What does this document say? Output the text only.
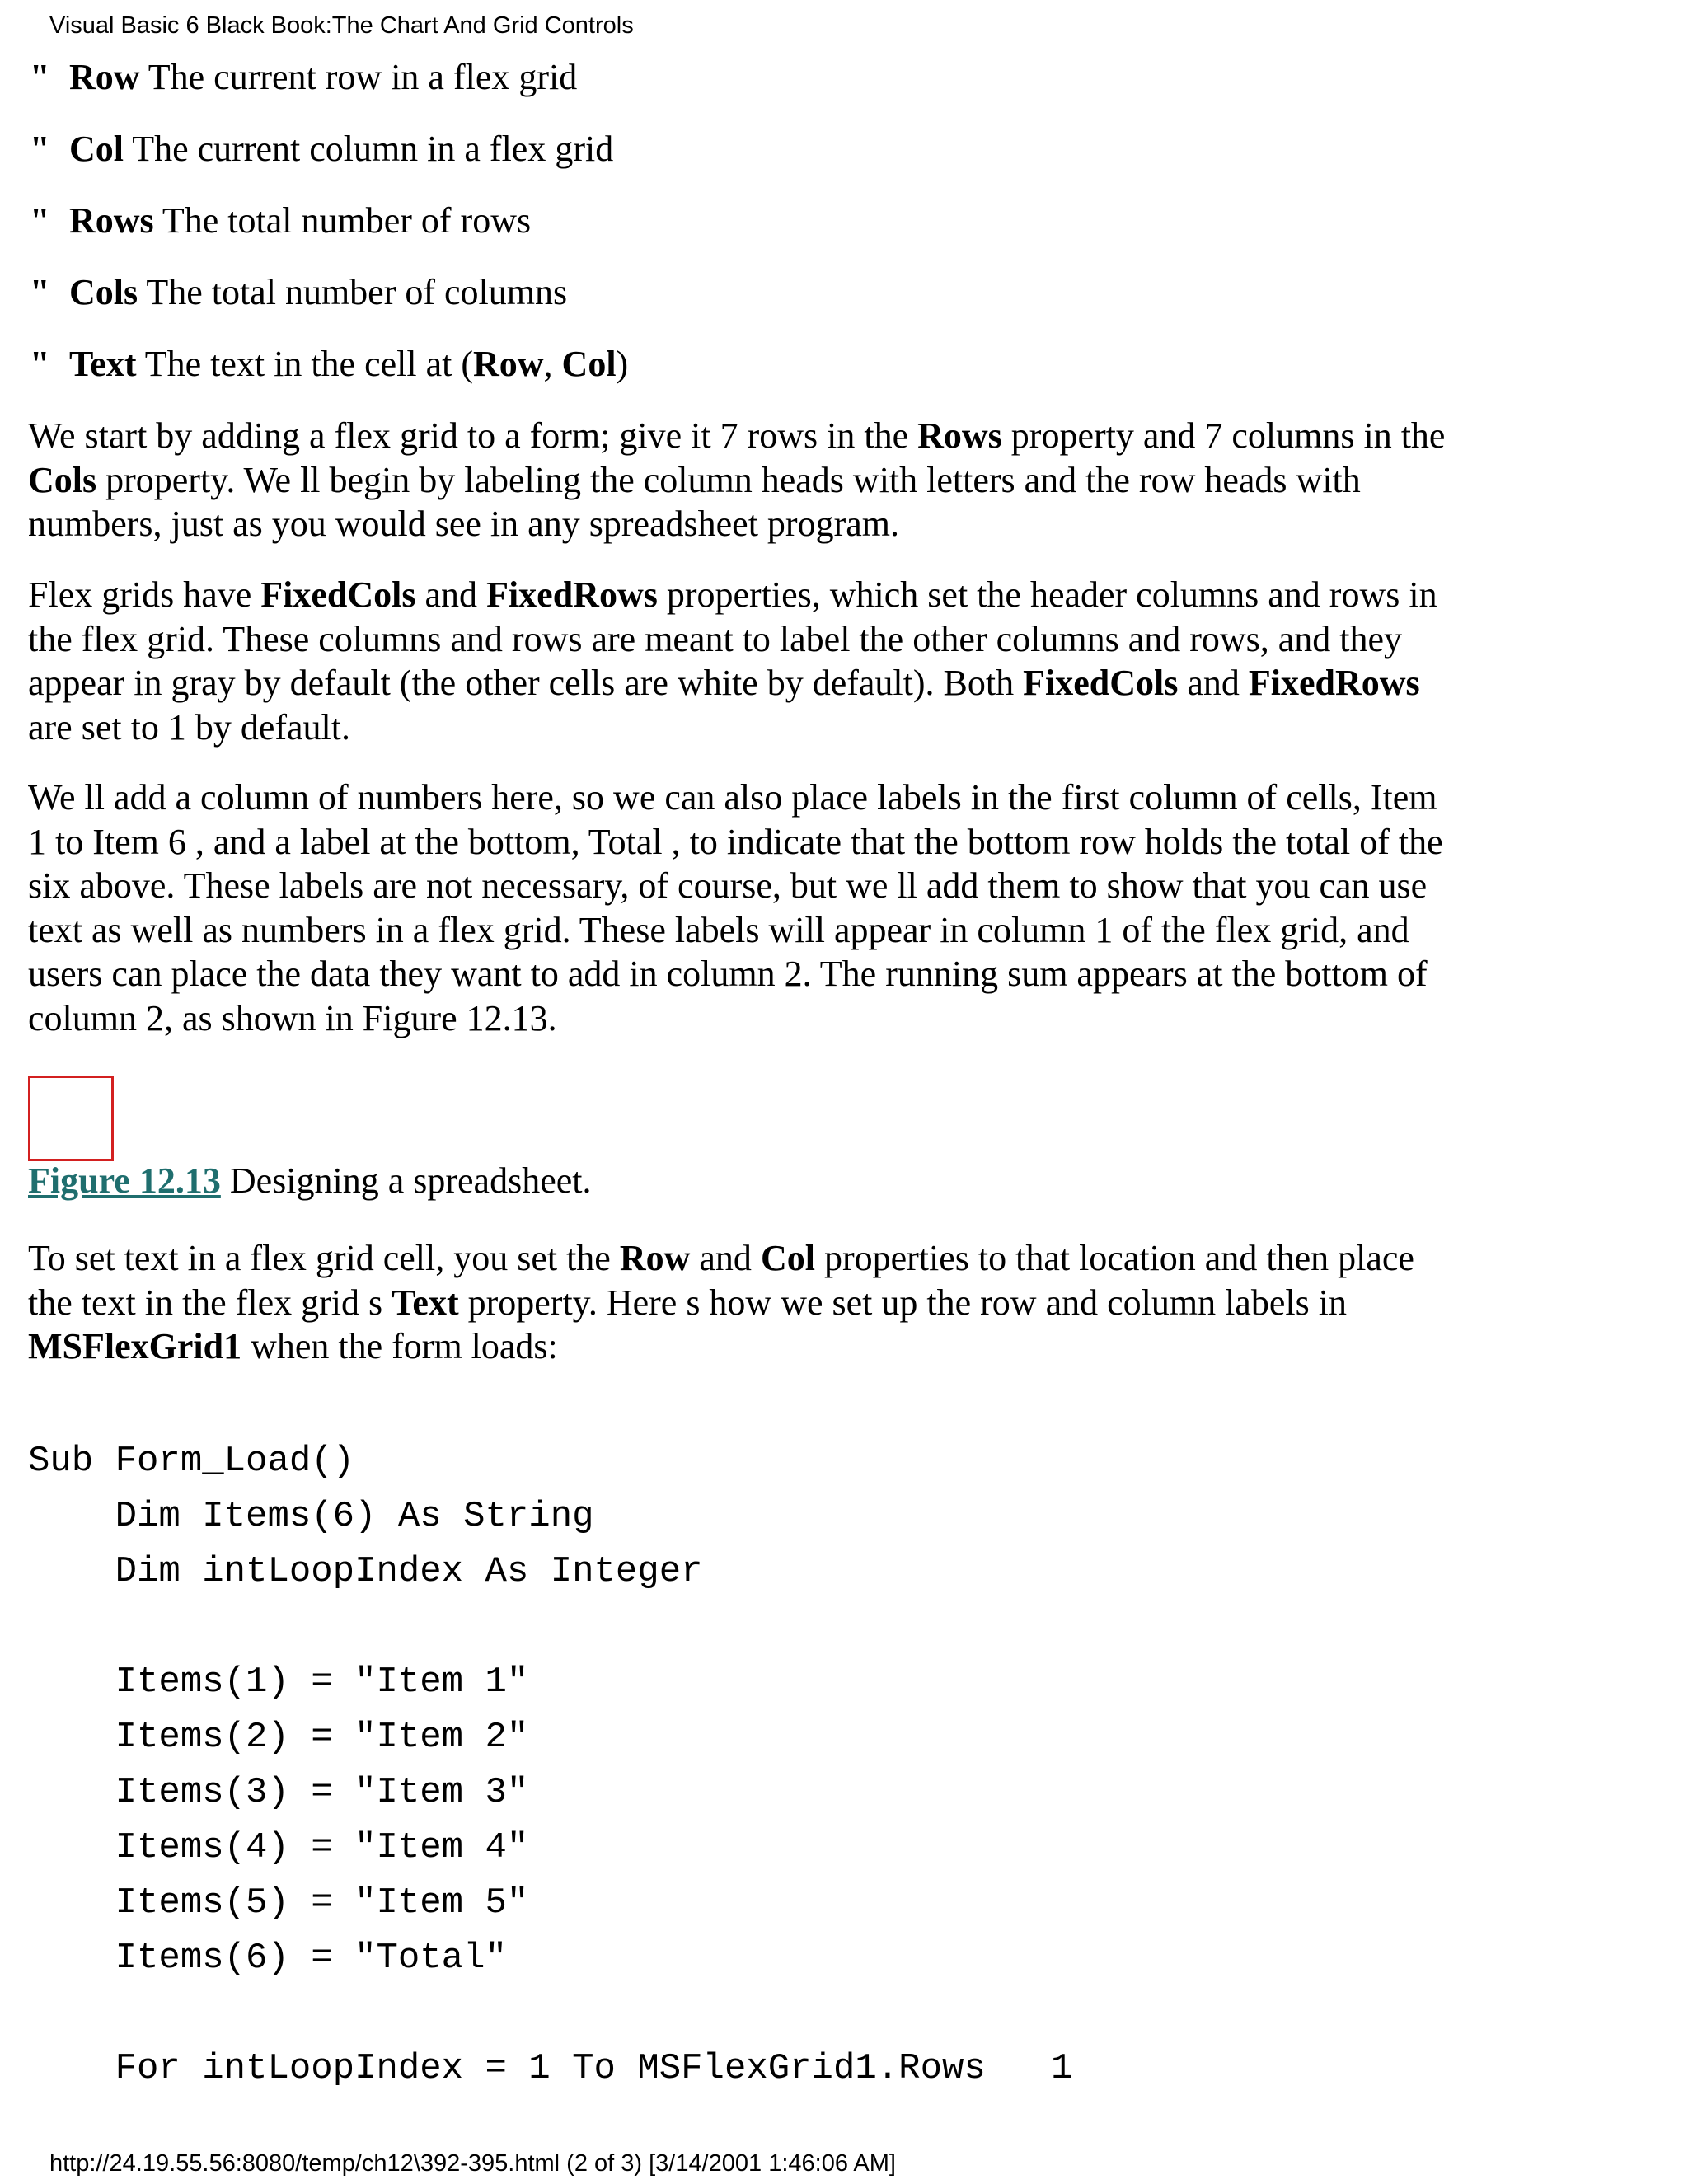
Visual Basic 6 Black Book:The Chart And Grid Controls
" Row The current row in a flex grid
" Col The current column in a flex grid
" Rows The total number of rows
" Cols The total number of columns
" Text The text in the cell at (Row, Col)

We start by adding a flex grid to a form; give it 7 rows in the Rows property and 7 columns in the Cols property. We ll begin by labeling the column heads with letters and the row heads with numbers, just as you would see in any spreadsheet program.

Flex grids have FixedCols and FixedRows properties, which set the header columns and rows in the flex grid. These columns and rows are meant to label the other columns and rows, and they appear in gray by default (the other cells are white by default). Both FixedCols and FixedRows are set to 1 by default.

We ll add a column of numbers here, so we can also place labels in the first column of cells, Item 1 to Item 6 , and a label at the bottom, Total , to indicate that the bottom row holds the total of the six above. These labels are not necessary, of course, but we ll add them to show that you can use text as well as numbers in a flex grid. These labels will appear in column 1 of the flex grid, and users can place the data they want to add in column 2. The running sum appears at the bottom of column 2, as shown in Figure 12.13.

Figure 12.13 Designing a spreadsheet.

To set text in a flex grid cell, you set the Row and Col properties to that location and then place the text in the flex grid s Text property. Here s how we set up the row and column labels in MSFlexGrid1 when the form loads:

Sub Form_Load()
Dim Items(6) As String
Dim intLoopIndex As Integer
Items(1) = "Item 1"
Items(2) = "Item 2"
Items(3) = "Item 3"
Items(4) = "Item 4"
Items(5) = "Item 5"
Items(6) = "Total"
For intLoopIndex = 1 To MSFlexGrid1.Rows   1
http://24.19.55.56:8080/temp/ch12\392-395.html (2 of 3) [3/14/2001 1:46:06 AM]
